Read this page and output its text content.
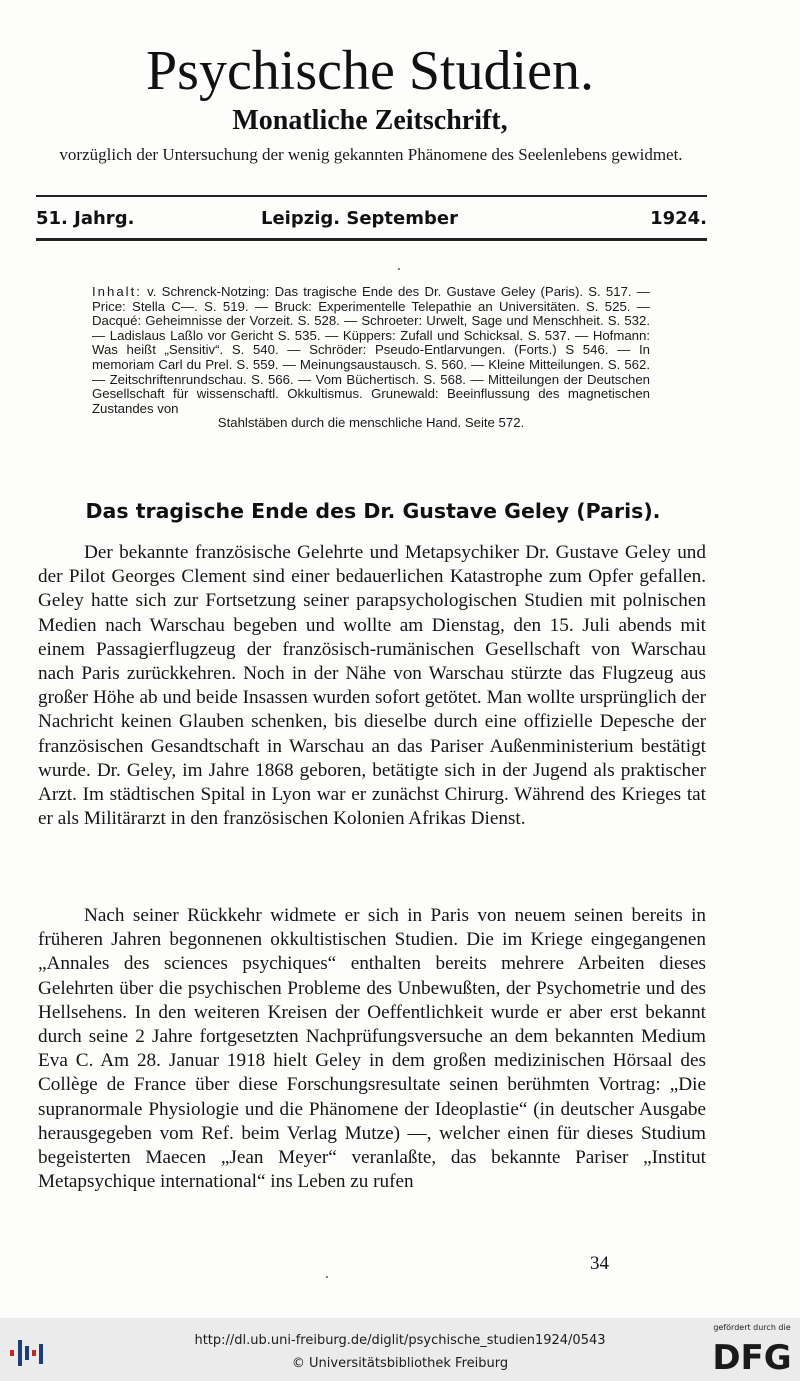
Psychische Studien.
Monatliche Zeitschrift,
vorzüglich der Untersuchung der wenig gekannten Phänomene des Seelenlebens gewidmet.
51. Jahrg.	Leipzig. September	1924.
Inhalt: v. Schrenck-Notzing: Das tragische Ende des Dr. Gustave Geley (Paris). S. 517. — Price: Stella C—. S. 519. — Bruck: Experimentelle Telepathie an Universitäten. S. 525. — Dacqué: Geheimnisse der Vorzeit. S. 528. — Schroeter: Urwelt, Sage und Menschheit. S. 532. — Ladislaus Laßlo vor Gericht S. 535. — Küppers: Zufall und Schicksal. S. 537. — Hofmann: Was heißt „Sensitiv“. S. 540. — Schröder: Pseudo-Entlarvungen. (Forts.) S 546. — In memoriam Carl du Prel. S. 559. — Meinungsaustausch. S. 560. — Kleine Mitteilungen. S. 562. — Zeitschriftenrundschau. S. 566. — Vom Büchertisch. S. 568. — Mitteilungen der Deutschen Gesellschaft für wissenschaftl. Okkultismus. Grunewald: Beeinflussung des magnetischen Zustandes von
Stahlstäben durch die menschliche Hand. Seite 572.
Das tragische Ende des Dr. Gustave Geley (Paris).

Der bekannte französische Gelehrte und Metapsychiker Dr. Gustave Geley und der Pilot Georges Clement sind einer bedauerlichen Katastrophe zum Opfer gefallen. Geley hatte sich zur Fortsetzung seiner parapsychologischen Studien mit polnischen Medien nach Warschau begeben und wollte am Dienstag, den 15. Juli abends mit einem Passagierflugzeug der französisch-rumänischen Gesellschaft von Warschau nach Paris zurückkehren. Noch in der Nähe von Warschau stürzte das Flugzeug aus großer Höhe ab und beide Insassen wurden sofort getötet. Man wollte ursprünglich der Nachricht keinen Glauben schenken, bis dieselbe durch eine offizielle Depesche der französischen Gesandtschaft in Warschau an das Pariser Außenministerium bestätigt wurde. Dr. Geley, im Jahre 1868 geboren, betätigte sich in der Jugend als praktischer Arzt. Im städtischen Spital in Lyon war er zunächst Chirurg. Während des Krieges tat er als Militärarzt in den französischen Kolonien Afrikas Dienst.

Nach seiner Rückkehr widmete er sich in Paris von neuem seinen bereits in früheren Jahren begonnenen okkultistischen Studien. Die im Kriege eingegangenen „Annales des sciences psychiques“ enthalten bereits mehrere Arbeiten dieses Gelehrten über die psychischen Probleme des Unbewußten, der Psychometrie und des Hellsehens. In den weiteren Kreisen der Oeffentlichkeit wurde er aber erst bekannt durch seine 2 Jahre fortgesetzten Nachprüfungsversuche an dem bekannten Medium Eva C. Am 28. Januar 1918 hielt Geley in dem großen medizinischen Hörsaal des Collège de France über diese Forschungsresultate seinen berühmten Vortrag: „Die supranormale Physiologie und die Phänomene der Ideoplastie“ (in deutscher Ausgabe herausgegeben vom Ref. beim Verlag Mutze) —, welcher einen für dieses Studium begeisterten Maecen „Jean Meyer“ veranlaßte, das bekannte Pariser „Institut Metapsychique international“ ins Leben zu rufen

34
http://dl.ub.uni-freiburg.de/diglit/psychische_studien1924/0543
© Universitätsbibliothek Freiburg
gefördert durch die
DFG
